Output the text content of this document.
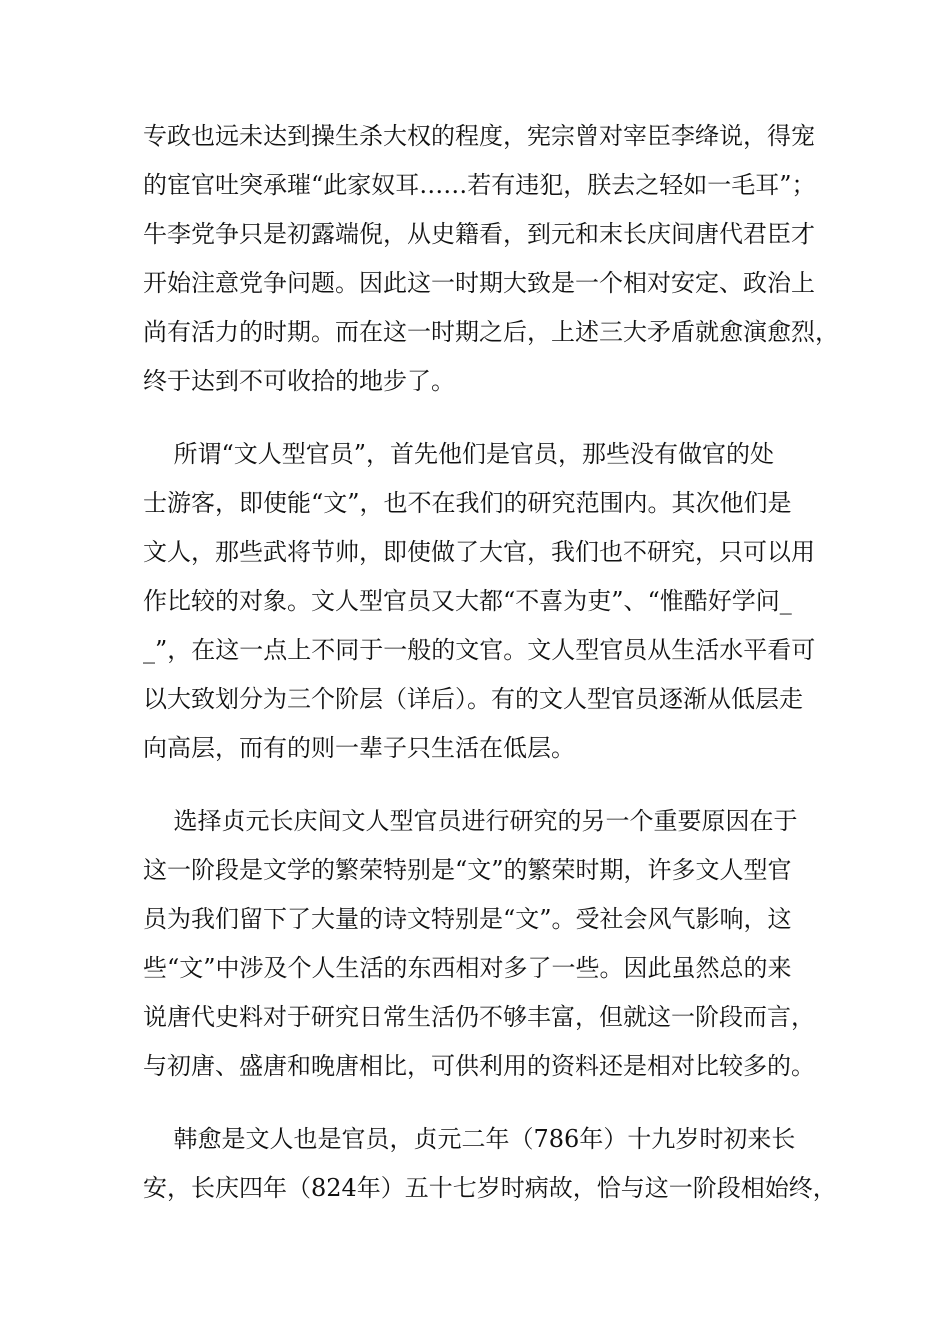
专政也远未达到操生杀大权的程度，宪宗曾对宰臣李绛说，得宠
的宦官吐突承璀“此家奴耳……若有违犯，朕去之轻如一毛耳”；
牛李党争只是初露端倪，从史籍看，到元和末长庆间唐代君臣才
开始注意党争问题。因此这一时期大致是一个相对安定、政治上
尚有活力的时期。而在这一时期之后，上述三大矛盾就愈演愈烈，
终于达到不可收拾的地步了。
所谓“文人型官员”，首先他们是官员，那些没有做官的处
士游客，即使能“文”，也不在我们的研究范围内。其次他们是
文人，那些武将节帅，即使做了大官，我们也不研究，只可以用
作比较的对象。文人型官员又大都“不喜为吏”、“惟酷好学问_
_”，在这一点上不同于一般的文官。文人型官员从生活水平看可
以大致划分为三个阶层（详后）。有的文人型官员逐渐从低层走
向高层，而有的则一辈子只生活在低层。
选择贞元长庆间文人型官员进行研究的另一个重要原因在于
这一阶段是文学的繁荣特别是“文”的繁荣时期，许多文人型官
员为我们留下了大量的诗文特别是“文”。受社会风气影响，这
些“文”中涉及个人生活的东西相对多了一些。因此虽然总的来
说唐代史料对于研究日常生活仍不够丰富，但就这一阶段而言，
与初唐、盛唐和晚唐相比，可供利用的资料还是相对比较多的。
韩愈是文人也是官员，贞元二年（786年）十九岁时初来长
安，长庆四年（824年）五十七岁时病故，恰与这一阶段相始终，
